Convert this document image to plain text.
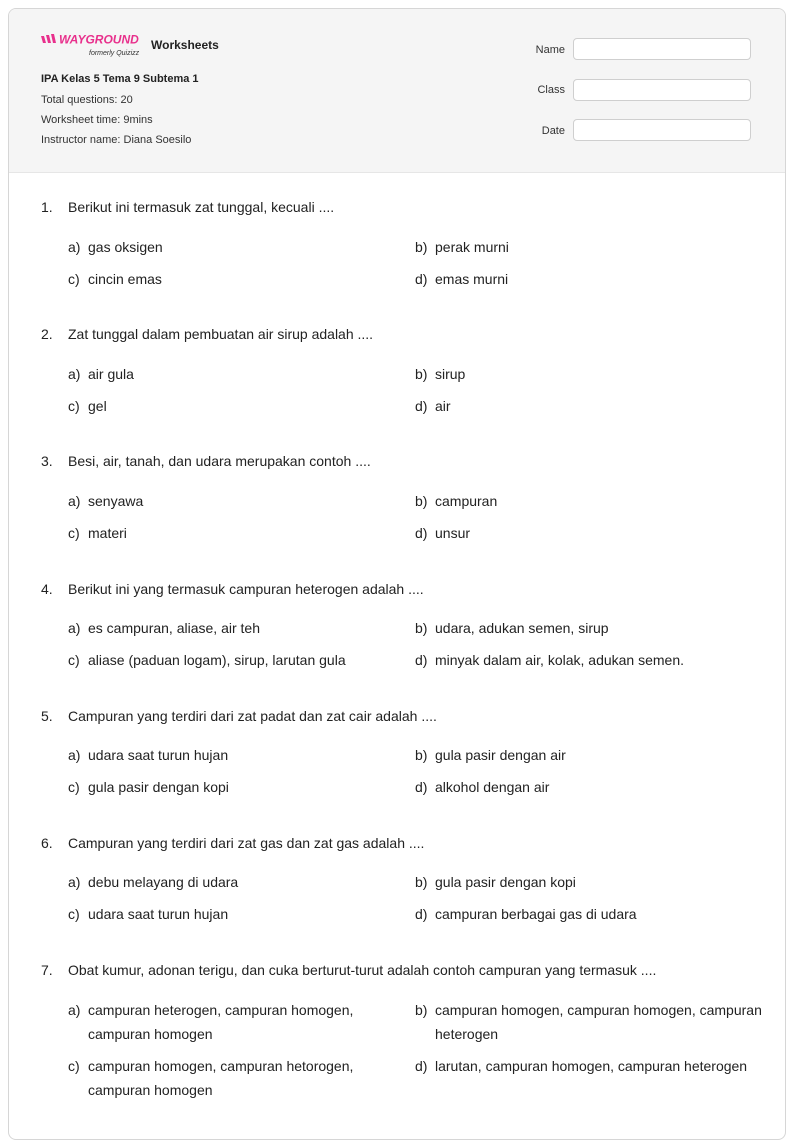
WAYGROUND
formerly Quizizz
Worksheets
IPA Kelas 5 Tema 9 Subtema 1
Total questions: 20
Worksheet time: 9mins
Instructor name: Diana Soesilo
Name
Class
Date
1. Berikut ini termasuk zat tunggal, kecuali ....
a) gas oksigen	b) perak murni
c) cincin emas	d) emas murni
2. Zat tunggal dalam pembuatan air sirup adalah ....
a) air gula	b) sirup
c) gel	d) air
3. Besi, air, tanah, dan udara merupakan contoh ....
a) senyawa	b) campuran
c) materi	d) unsur
4. Berikut ini yang termasuk campuran heterogen adalah ....
a) es campuran, aliase, air teh	b) udara, adukan semen, sirup
c) aliase (paduan logam), sirup, larutan gula	d) minyak dalam air, kolak, adukan semen.
5. Campuran yang terdiri dari zat padat dan zat cair adalah ....
a) udara saat turun hujan	b) gula pasir dengan air
c) gula pasir dengan kopi	d) alkohol dengan air
6. Campuran yang terdiri dari zat gas dan zat gas adalah ....
a) debu melayang di udara	b) gula pasir dengan kopi
c) udara saat turun hujan	d) campuran berbagai gas di udara
7. Obat kumur, adonan terigu, dan cuka berturut-turut adalah contoh campuran yang termasuk ....
a) campuran heterogen, campuran homogen, campuran homogen
b) campuran homogen, campuran homogen, campuran heterogen
c) campuran homogen, campuran hetorogen, campuran homogen
d) larutan, campuran homogen, campuran heterogen
